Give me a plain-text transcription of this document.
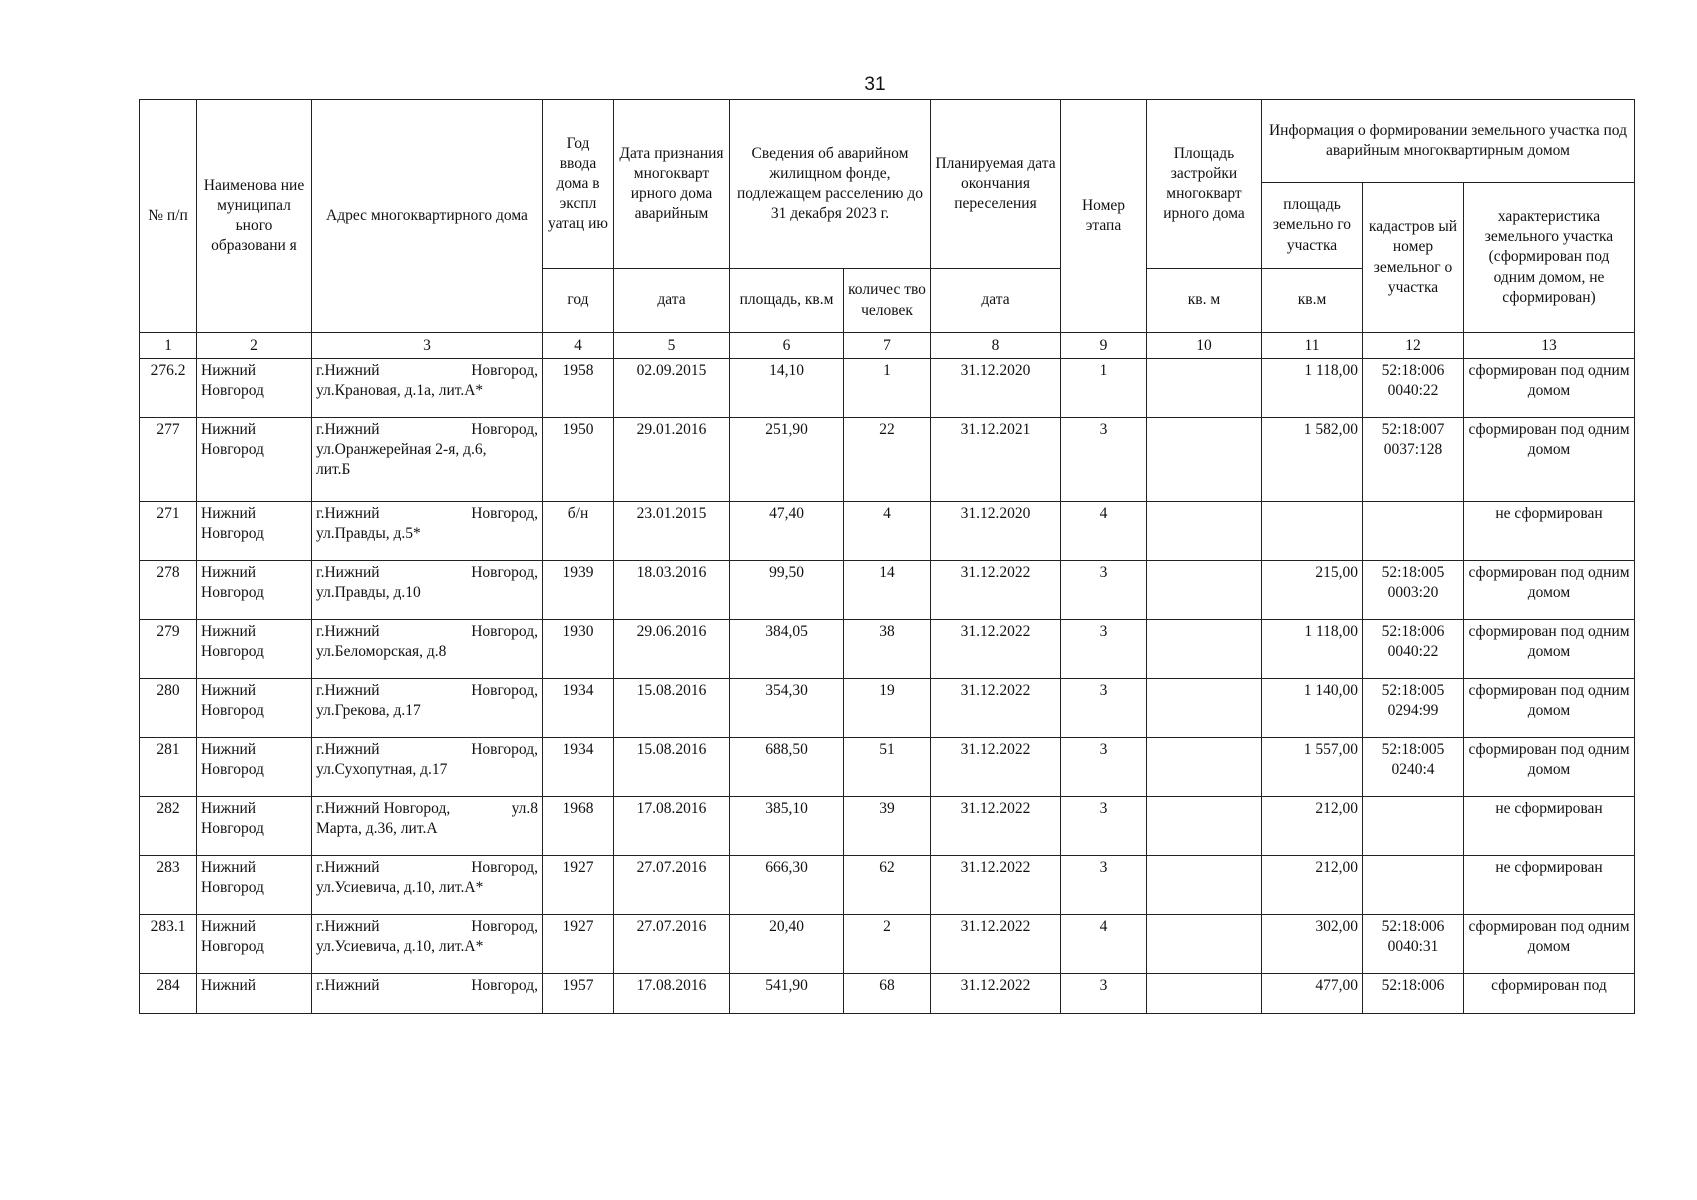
31
№ п/п	Наименова ние муниципал ьного образовани я	Адрес многоквартирного дома	Год ввода дома в экспл уатац ию	Дата признания многокварт ирного дома аварийным	Сведения об аварийном жилищном фонде, подлежащем расселению до 31 декабря 2023 г.		Планируемая дата окончания переселения	Номер этапа	Площадь застройки многокварт ирного дома	Информация о формировании земельного участка под аварийным многоквартирным домом		
										площадь земельно го участка	кадастров ый номер земельног о участка	характеристика земельного участка (сформирован под одним домом, не сформирован)
			год	дата	площадь, кв.м	количес тво человек	дата		кв. м	кв.м		
1	2	3	4	5	6	7	8	9	10	11	12	13
276.2	Нижний Новгород	г.Нижний Новгород,
ул.Крановая, д.1а, лит.А*	1958	02.09.2015	14,10	1	31.12.2020	1		1 118,00	52:18:006 0040:22	сформирован под одним домом
277	Нижний Новгород	г.Нижний Новгород,
ул.Оранжерейная 2-я, д.6,
лит.Б	1950	29.01.2016	251,90	22	31.12.2021	3		1 582,00	52:18:007 0037:128	сформирован под одним домом
271	Нижний Новгород	г.Нижний Новгород,
ул.Правды, д.5*	б/н	23.01.2015	47,40	4	31.12.2020	4				не сформирован
278	Нижний Новгород	г.Нижний Новгород,
ул.Правды, д.10	1939	18.03.2016	99,50	14	31.12.2022	3		215,00	52:18:005 0003:20	сформирован под одним домом
279	Нижний Новгород	г.Нижний Новгород,
ул.Беломорская, д.8	1930	29.06.2016	384,05	38	31.12.2022	3		1 118,00	52:18:006 0040:22	сформирован под одним домом
280	Нижний Новгород	г.Нижний Новгород,
ул.Грекова, д.17	1934	15.08.2016	354,30	19	31.12.2022	3		1 140,00	52:18:005 0294:99	сформирован под одним домом
281	Нижний Новгород	г.Нижний Новгород,
ул.Сухопутная, д.17	1934	15.08.2016	688,50	51	31.12.2022	3		1 557,00	52:18:005 0240:4	сформирован под одним домом
282	Нижний Новгород	г.Нижний Новгород, ул.8
Марта, д.36, лит.А	1968	17.08.2016	385,10	39	31.12.2022	3		212,00		не сформирован
283	Нижний Новгород	г.Нижний Новгород,
ул.Усиевича, д.10, лит.А*	1927	27.07.2016	666,30	62	31.12.2022	3		212,00		не сформирован
283.1	Нижний Новгород	г.Нижний Новгород,
ул.Усиевича, д.10, лит.А*	1927	27.07.2016	20,40	2	31.12.2022	4		302,00	52:18:006 0040:31	сформирован под одним домом
284	Нижний	г.Нижний Новгород,	1957	17.08.2016	541,90	68	31.12.2022	3		477,00	52:18:006	сформирован под
